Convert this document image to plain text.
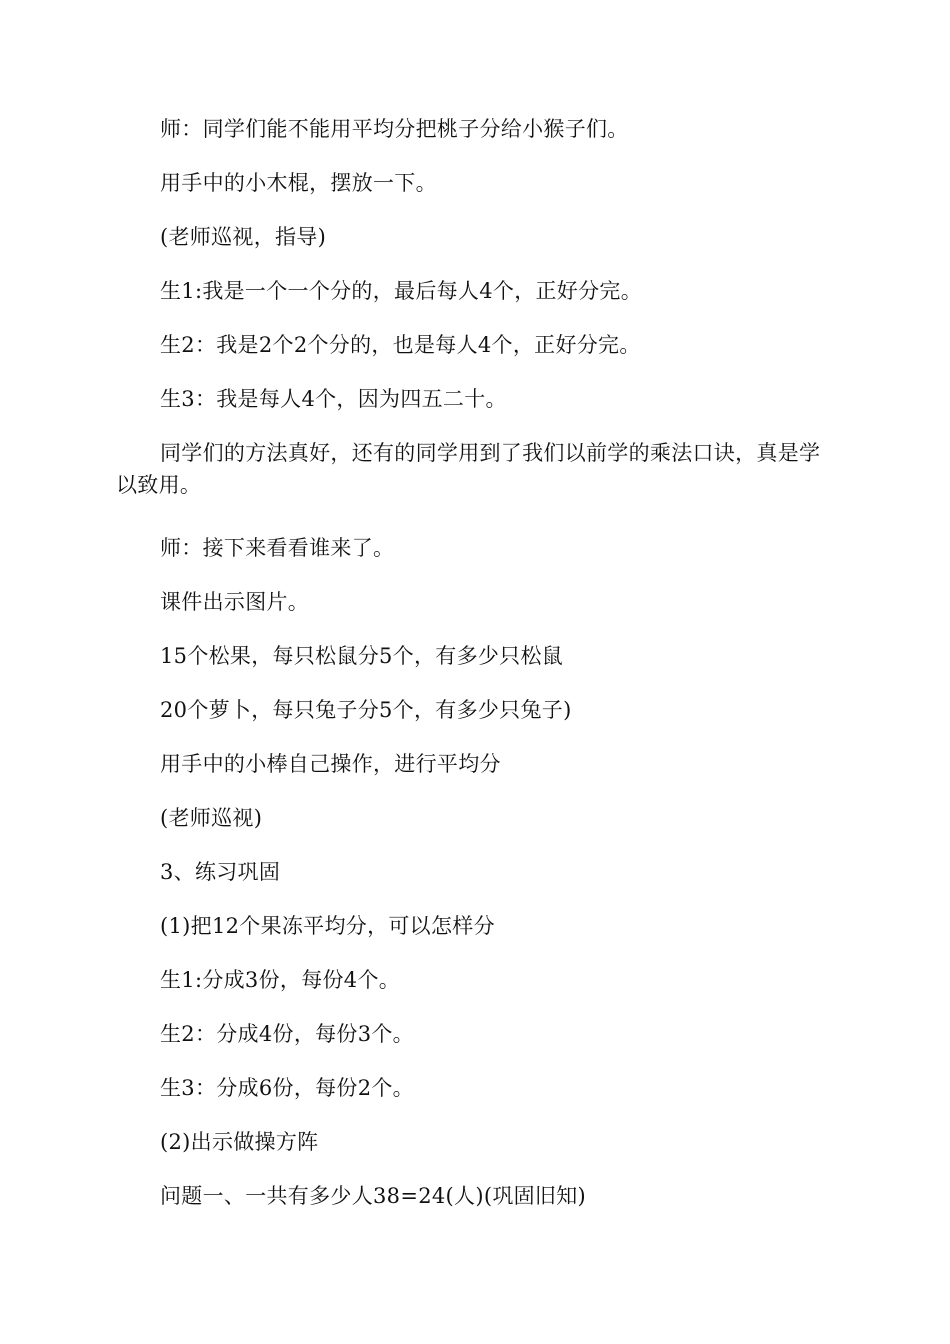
师：同学们能不能用平均分把桃子分给小猴子们。

用手中的小木棍，摆放一下。

(老师巡视，指导)

生1:我是一个一个分的，最后每人4个，正好分完。

生2：我是2个2个分的，也是每人4个，正好分完。

生3：我是每人4个，因为四五二十。

同学们的方法真好，还有的同学用到了我们以前学的乘法口诀，真是学以致用。

师：接下来看看谁来了。

课件出示图片。

15个松果，每只松鼠分5个，有多少只松鼠

20个萝卜，每只兔子分5个，有多少只兔子)

用手中的小棒自己操作，进行平均分

(老师巡视)

3、练习巩固

(1)把12个果冻平均分，可以怎样分

生1:分成3份，每份4个。

生2：分成4份，每份3个。

生3：分成6份，每份2个。

(2)出示做操方阵

问题一、一共有多少人38=24(人)(巩固旧知)
